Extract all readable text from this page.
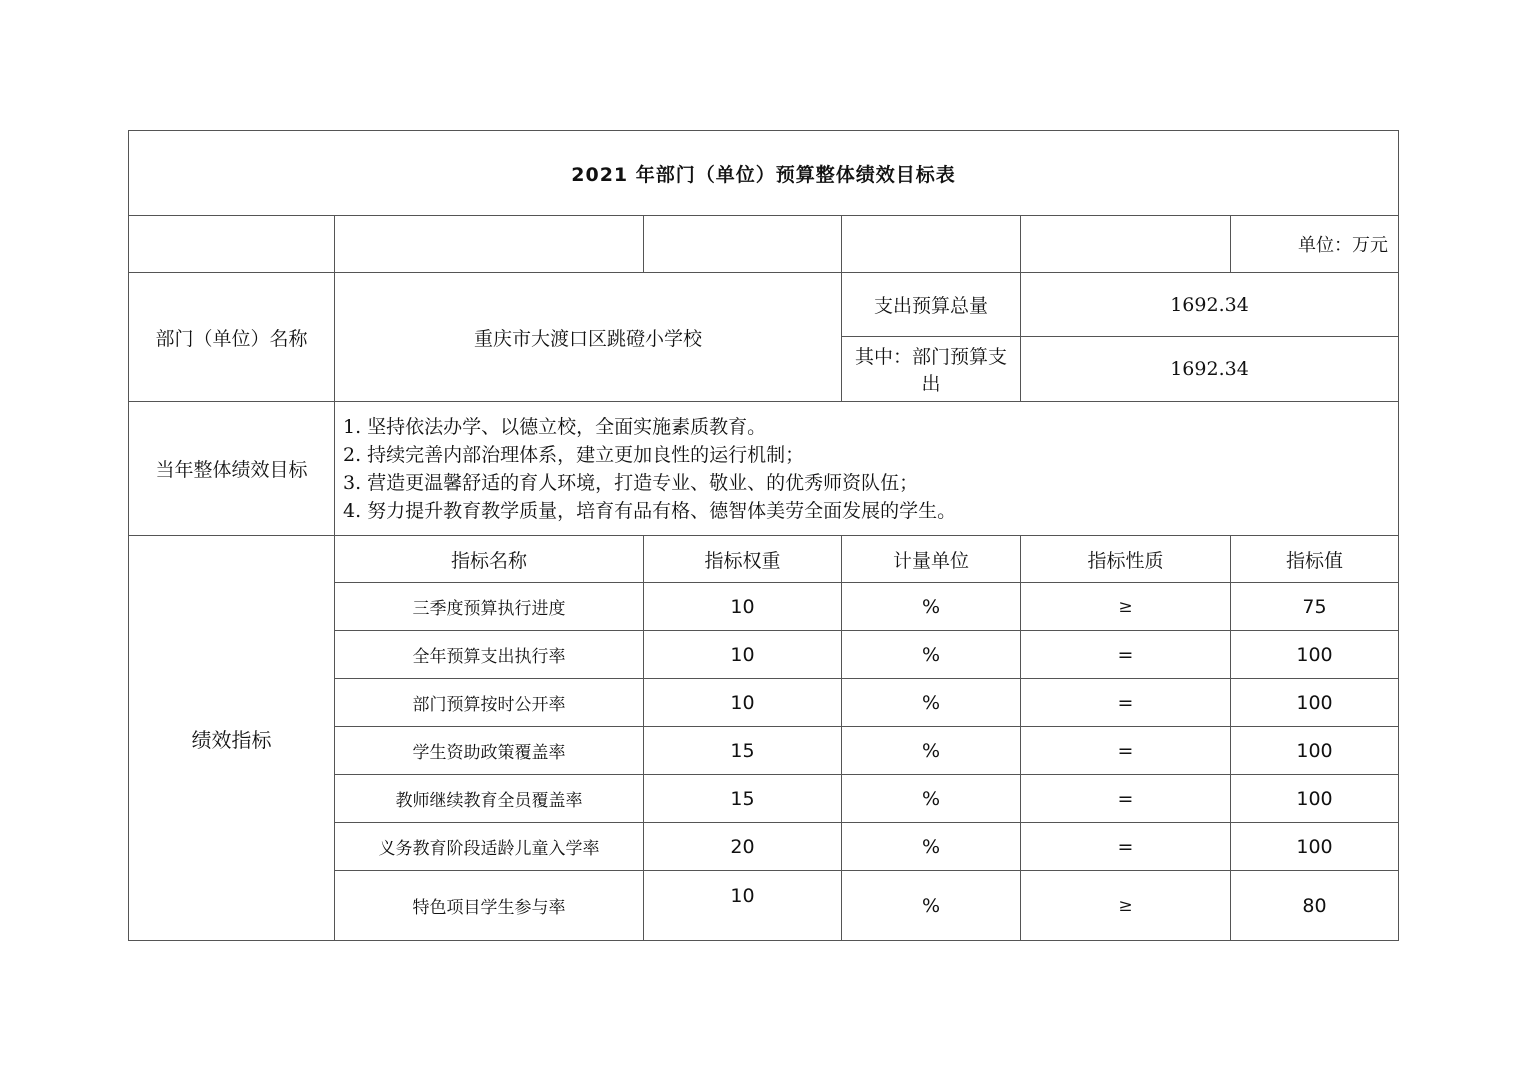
2021 年部门（单位）预算整体绩效目标表					
					单位：万元
部门（单位）名称	重庆市大渡口区跳磴小学校		支出预算总量	1692.34	
			其中：部门预算支出	1692.34	
当年整体绩效目标	1. 坚持依法办学、以德立校，全面实施素质教育。
2. 持续完善内部治理体系，建立更加良性的运行机制；
3. 营造更温馨舒适的育人环境，打造专业、敬业、的优秀师资队伍；
4. 努力提升教育教学质量，培育有品有格、德智体美劳全面发展的学生。				

绩效指标	指标名称	指标权重	计量单位	指标性质	指标值
	三季度预算执行进度	10	%	≥	75
	全年预算支出执行率	10	%	=	100
	部门预算按时公开率	10	%	=	100
	学生资助政策覆盖率	15	%	=	100
	教师继续教育全员覆盖率	15	%	=	100
	义务教育阶段适龄儿童入学率	20	%	=	100
	特色项目学生参与率	10	%	≥	80
